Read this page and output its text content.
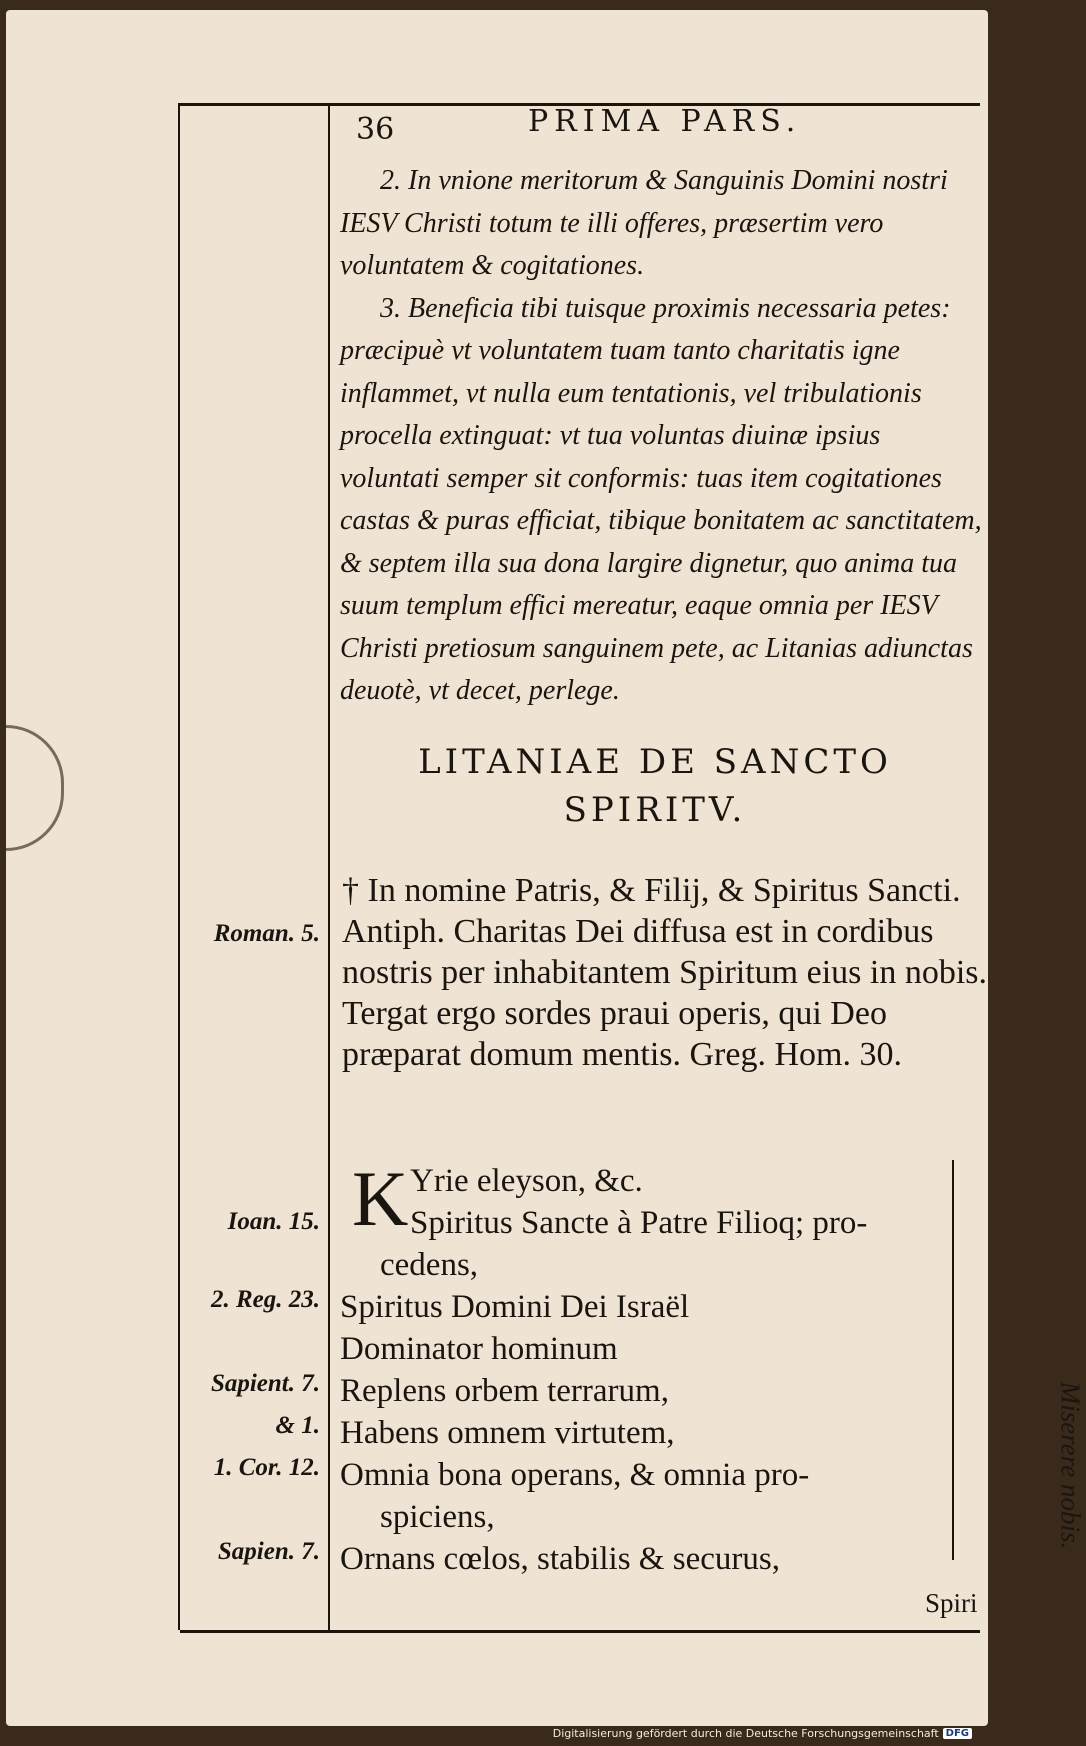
36	PRIMA PARS.

2. In vnione meritorum & Sanguinis Domini nostri IESV Christi totum te illi offeres, præsertim vero voluntatem & cogitationes.

3. Beneficia tibi tuisque proximis necessaria petes: præcipuè vt voluntatem tuam tanto charitatis igne inflammet, vt nulla eum tentationis, vel tribulationis procella extinguat: vt tua voluntas diuinæ ipsius voluntati semper sit conformis: tuas item cogitationes castas & puras efficiat, tibique bonitatem ac sanctitatem, & septem illa sua dona largire dignetur, quo anima tua suum templum effici mereatur, eaque omnia per IESV Christi pretiosum sanguinem pete, ac Litanias adiunctas deuotè, vt decet, perlege.

LITANIAE DE SANCTO
SPIRITV.

† In nomine Patris, & Filij, & Spiritus Sancti. Antiph. Charitas Dei diffusa est in cordibus nostris per inhabitantem Spiritum eius in nobis.

Tergat ergo sordes praui operis, qui Deo præparat domum mentis. Greg. Hom. 30.

Roman. 5.
Ioan. 15.
2. Reg. 23.
Sapient. 7.
& 1.
1. Cor. 12.
Sapien. 7.
K Yrie eleyson, &c.
Spiritus Sancte à Patre Filioq; pro-
cedens,
Spiritus Domini Dei Israël
Dominator hominum
Replens orbem terrarum,
Habens omnem virtutem,
Omnia bona operans, & omnia pro-
spiciens,
Ornans cœlos, stabilis & securus,
Miserere nobis.
Spiri
Digitalisierung gefördert durch die Deutsche Forschungsgemeinschaft DFG
